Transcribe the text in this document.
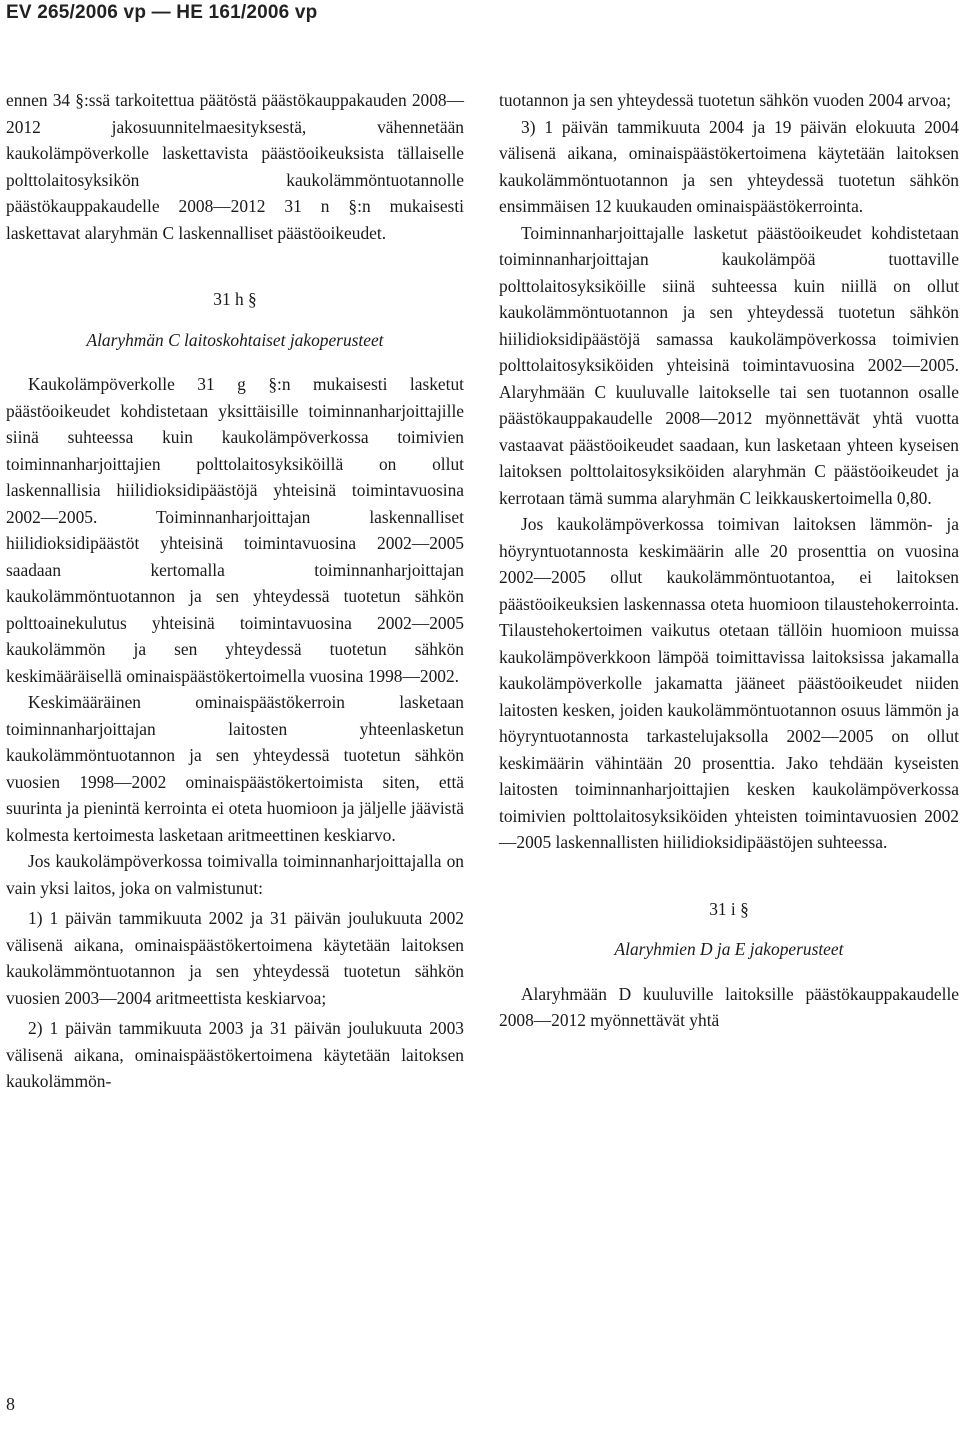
EV 265/2006 vp — HE 161/2006 vp

ennen 34 §:ssä tarkoitettua päätöstä päästökauppakauden 2008—2012 jakosuunnitelmaesityksestä, vähennetään kaukolämpöverkolle laskettavista päästöoikeuksista tällaiselle polttolaitosyksikön kaukolämmöntuotannolle päästökauppakaudelle 2008—2012 31 n §:n mukaisesti laskettavat alaryhmän C laskennalliset päästöoikeudet.

31 h §

Alaryhmän C laitoskohtaiset jakoperusteet

Kaukolämpöverkolle 31 g §:n mukaisesti lasketut päästöoikeudet kohdistetaan yksittäisille toiminnanharjoittajille siinä suhteessa kuin kaukolämpöverkossa toimivien toiminnanharjoittajien polttolaitosyksiköillä on ollut laskennallisia hiilidioksidipäästöjä yhteisinä toimintavuosina 2002—2005. Toiminnanharjoittajan laskennalliset hiilidioksidipäästöt yhteisinä toimintavuosina 2002—2005 saadaan kertomalla toiminnanharjoittajan kaukolämmöntuotannon ja sen yhteydessä tuotetun sähkön polttoainekulutus yhteisinä toimintavuosina 2002—2005 kaukolämmön ja sen yhteydessä tuotetun sähkön keskimääräisellä ominaispäästökertoimella vuosina 1998—2002.

Keskimääräinen ominaispäästökerroin lasketaan toiminnanharjoittajan laitosten yhteenlasketun kaukolämmöntuotannon ja sen yhteydessä tuotetun sähkön vuosien 1998—2002 ominaispäästökertoimista siten, että suurinta ja pienintä kerrointa ei oteta huomioon ja jäljelle jäävistä kolmesta kertoimesta lasketaan aritmeettinen keskiarvo.

Jos kaukolämpöverkossa toimivalla toiminnanharjoittajalla on vain yksi laitos, joka on valmistunut:

1) 1 päivän tammikuuta 2002 ja 31 päivän joulukuuta 2002 välisenä aikana, ominaispäästökertoimena käytetään laitoksen kaukolämmöntuotannon ja sen yhteydessä tuotetun sähkön vuosien 2003—2004 aritmeettista keskiarvoa;

2) 1 päivän tammikuuta 2003 ja 31 päivän joulukuuta 2003 välisenä aikana, ominaispäästökertoimena käytetään laitoksen kaukolämmön-

tuotannon ja sen yhteydessä tuotetun sähkön vuoden 2004 arvoa;

3) 1 päivän tammikuuta 2004 ja 19 päivän elokuuta 2004 välisenä aikana, ominaispäästökertoimena käytetään laitoksen kaukolämmöntuotannon ja sen yhteydessä tuotetun sähkön ensimmäisen 12 kuukauden ominaispäästökerrointa.

Toiminnanharjoittajalle lasketut päästöoikeudet kohdistetaan toiminnanharjoittajan kaukolämpöä tuottaville polttolaitosyksiköille siinä suhteessa kuin niillä on ollut kaukolämmöntuotannon ja sen yhteydessä tuotetun sähkön hiilidioksidipäästöjä samassa kaukolämpöverkossa toimivien polttolaitosyksiköiden yhteisinä toimintavuosina 2002—2005. Alaryhmään C kuuluvalle laitokselle tai sen tuotannon osalle päästökauppakaudelle 2008—2012 myönnettävät yhtä vuotta vastaavat päästöoikeudet saadaan, kun lasketaan yhteen kyseisen laitoksen polttolaitosyksiköiden alaryhmän C päästöoikeudet ja kerrotaan tämä summa alaryhmän C leikkauskertoimella 0,80.

Jos kaukolämpöverkossa toimivan laitoksen lämmön- ja höyryntuotannosta keskimäärin alle 20 prosenttia on vuosina 2002—2005 ollut kaukolämmöntuotantoa, ei laitoksen päästöoikeuksien laskennassa oteta huomioon tilaustehokerrointa. Tilaustehokertoimen vaikutus otetaan tällöin huomioon muissa kaukolämpöverkkoon lämpöä toimittavissa laitoksissa jakamalla kaukolämpöverkolle jakamatta jääneet päästöoikeudet niiden laitosten kesken, joiden kaukolämmöntuotannon osuus lämmön ja höyryntuotannosta tarkastelujaksolla 2002—2005 on ollut keskimäärin vähintään 20 prosenttia. Jako tehdään kyseisten laitosten toiminnanharjoittajien kesken kaukolämpöverkossa toimivien polttolaitosyksiköiden yhteisten toimintavuosien 2002—2005 laskennallisten hiilidioksidipäästöjen suhteessa.

31 i §

Alaryhmien D ja E jakoperusteet

Alaryhmään D kuuluville laitoksille päästökauppakaudelle 2008—2012 myönnettävät yhtä

8
